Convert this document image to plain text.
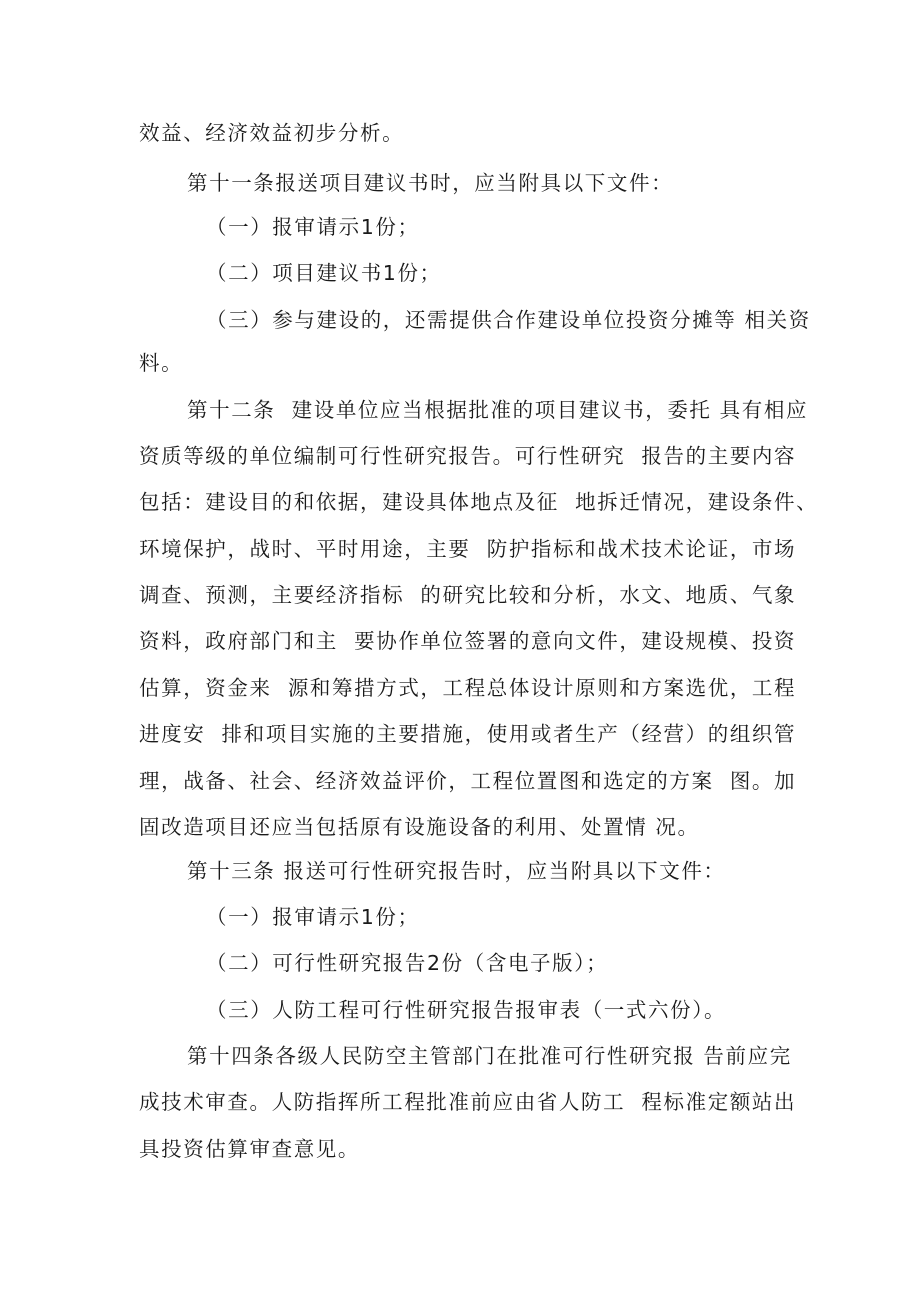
效益、经济效益初步分析。
第十一条报送项目建议书时，应当附具以下文件：
（一）报审请示1份；
（二）项目建议书1份；
（三）参与建设的，还需提供合作建设单位投资分摊等 相关资
料。
第十二条  建设单位应当根据批准的项目建议书，委托 具有相应
资质等级的单位编制可行性研究报告。可行性研究  报告的主要内容
包括：建设目的和依据，建设具体地点及征  地拆迁情况，建设条件、
环境保护，战时、平时用途，主要  防护指标和战术技术论证，市场
调查、预测，主要经济指标  的研究比较和分析，水文、地质、气象
资料，政府部门和主  要协作单位签署的意向文件，建设规模、投资
估算，资金来  源和筹措方式，工程总体设计原则和方案选优，工程
进度安  排和项目实施的主要措施，使用或者生产（经营）的组织管
理，战备、社会、经济效益评价，工程位置图和选定的方案  图。加
固改造项目还应当包括原有设施设备的利用、处置情 况。
第十三条 报送可行性研究报告时，应当附具以下文件：
（一）报审请示1份；
（二）可行性研究报告2份（含电子版）；
（三）人防工程可行性研究报告报审表（一式六份）。
第十四条各级人民防空主管部门在批准可行性研究报 告前应完
成技术审查。人防指挥所工程批准前应由省人防工  程标准定额站出
具投资估算审查意见。
